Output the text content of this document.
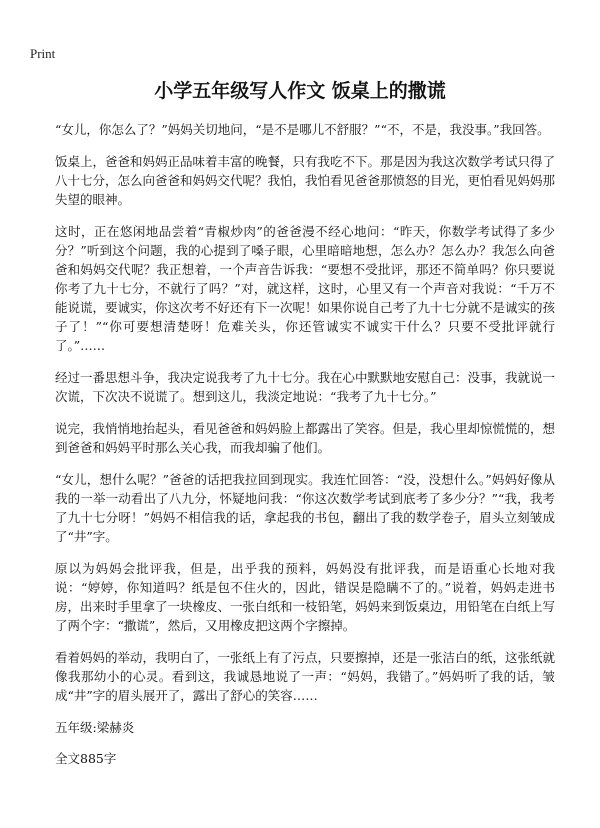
Print
小学五年级写人作文 饭桌上的撒谎

“女儿，你怎么了？”妈妈关切地问，“是不是哪儿不舒服？”“不，不是，我没事。”我回答。

饭桌上，爸爸和妈妈正品味着丰富的晚餐，只有我吃不下。那是因为我这次数学考试只得了八十七分，怎么向爸爸和妈妈交代呢？我怕，我怕看见爸爸那愤怒的目光，更怕看见妈妈那失望的眼神。

这时，正在悠闲地品尝着“青椒炒肉”的爸爸漫不经心地问：“昨天，你数学考试得了多少分？”听到这个问题，我的心提到了嗓子眼，心里暗暗地想，怎么办？怎么办？我怎么向爸爸和妈妈交代呢？我正想着，一个声音告诉我：“要想不受批评，那还不简单吗？你只要说你考了九十七分，不就行了吗？”对，就这样，这时，心里又有一个声音对我说：“千万不能说谎，要诚实，你这次考不好还有下一次呢！如果你说自己考了九十七分就不是诚实的孩子了！”“你可要想清楚呀！危难关头，你还管诚实不诚实干什么？只要不受批评就行了。”……

经过一番思想斗争，我决定说我考了九十七分。我在心中默默地安慰自己：没事，我就说一次谎，下次决不说谎了。想到这儿，我淡定地说：“我考了九十七分。”

说完，我悄悄地抬起头，看见爸爸和妈妈脸上都露出了笑容。但是，我心里却惊慌慌的，想到爸爸和妈妈平时那么关心我，而我却骗了他们。

“女儿，想什么呢？”爸爸的话把我拉回到现实。我连忙回答：“没，没想什么。”妈妈好像从我的一举一动看出了八九分，怀疑地问我：“你这次数学考试到底考了多少分？”“我，我考了九十七分呀！”妈妈不相信我的话，拿起我的书包，翻出了我的数学卷子，眉头立刻皱成了“井”字。

原以为妈妈会批评我，但是，出乎我的预料，妈妈没有批评我，而是语重心长地对我说：“婷婷，你知道吗？纸是包不住火的，因此，错误是隐瞒不了的。”说着，妈妈走进书房，出来时手里拿了一块橡皮、一张白纸和一枝铅笔，妈妈来到饭桌边，用铅笔在白纸上写了两个字：“撒谎”，然后，又用橡皮把这两个字擦掉。

看着妈妈的举动，我明白了，一张纸上有了污点，只要擦掉，还是一张洁白的纸，这张纸就像我那幼小的心灵。看到这，我诚恳地说了一声：“妈妈，我错了。”妈妈听了我的话，皱成“井”字的眉头展开了，露出了舒心的笑容……

五年级:梁赫炎

全文885字
